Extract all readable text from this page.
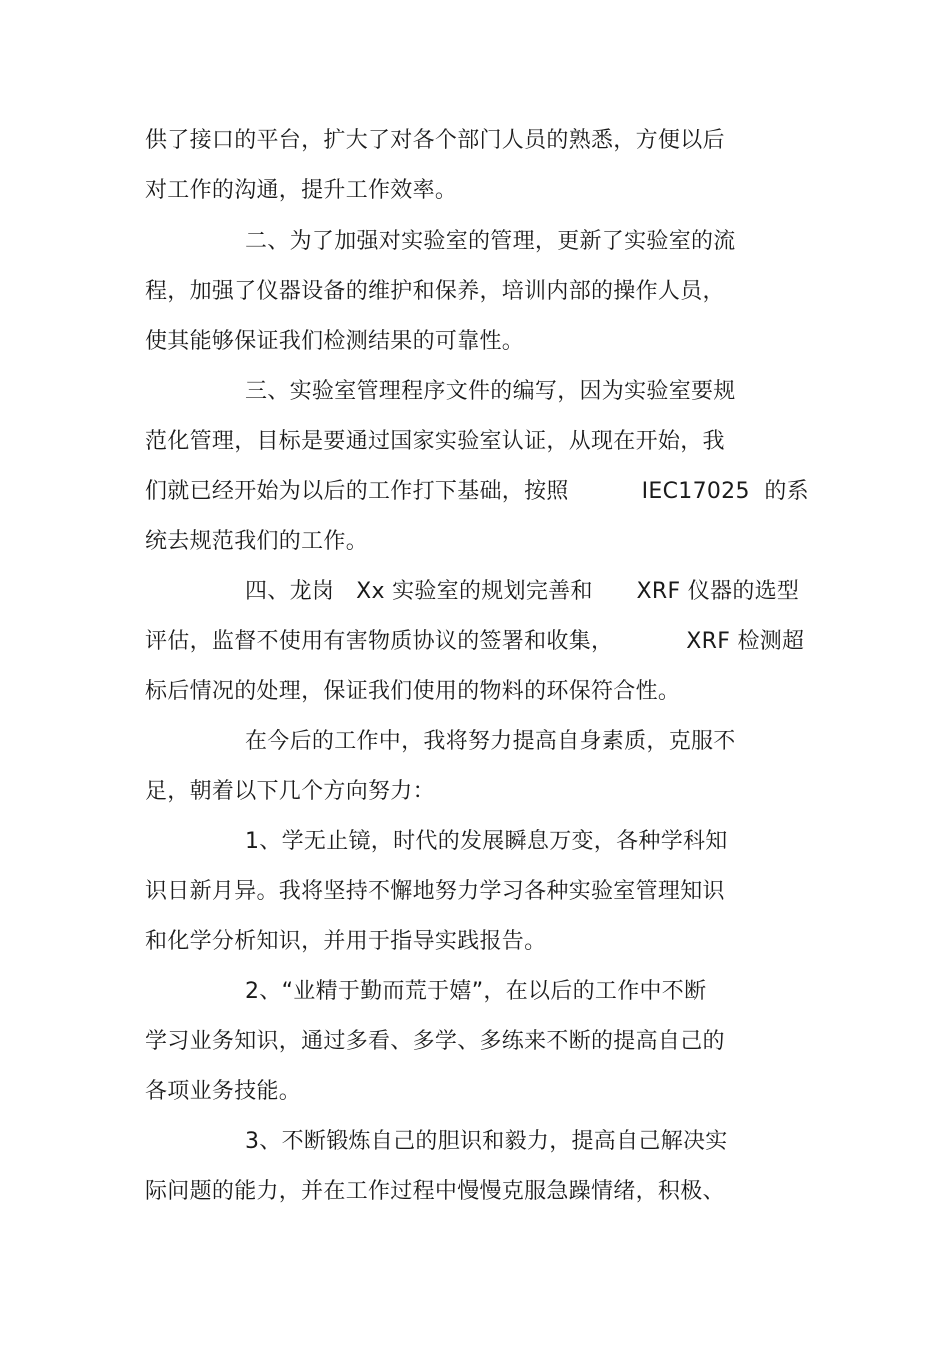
供了接口的平台，扩大了对各个部门人员的熟悉，方便以后
对工作的沟通，提升工作效率。
二、为了加强对实验室的管理，更新了实验室的流
程，加强了仪器设备的维护和保养，培训内部的操作人员，
使其能够保证我们检测结果的可靠性。
三、实验室管理程序文件的编写，因为实验室要规
范化管理，目标是要通过国家实验室认证，从现在开始，我
们就已经开始为以后的工作打下基础，按照          IEC17025  的系
统去规范我们的工作。
四、龙岗   Xx 实验室的规划完善和      XRF 仪器的选型
评估，监督不使用有害物质协议的签署和收集，          XRF 检测超
标后情况的处理，保证我们使用的物料的环保符合性。
在今后的工作中，我将努力提高自身素质，克服不
足，朝着以下几个方向努力：
1、学无止镜，时代的发展瞬息万变，各种学科知
识日新月异。我将坚持不懈地努力学习各种实验室管理知识
和化学分析知识，并用于指导实践报告。
2、“业精于勤而荒于嬉”，在以后的工作中不断
学习业务知识，通过多看、多学、多练来不断的提高自己的
各项业务技能。
3、不断锻炼自己的胆识和毅力，提高自己解决实
际问题的能力，并在工作过程中慢慢克服急躁情绪，积极、
